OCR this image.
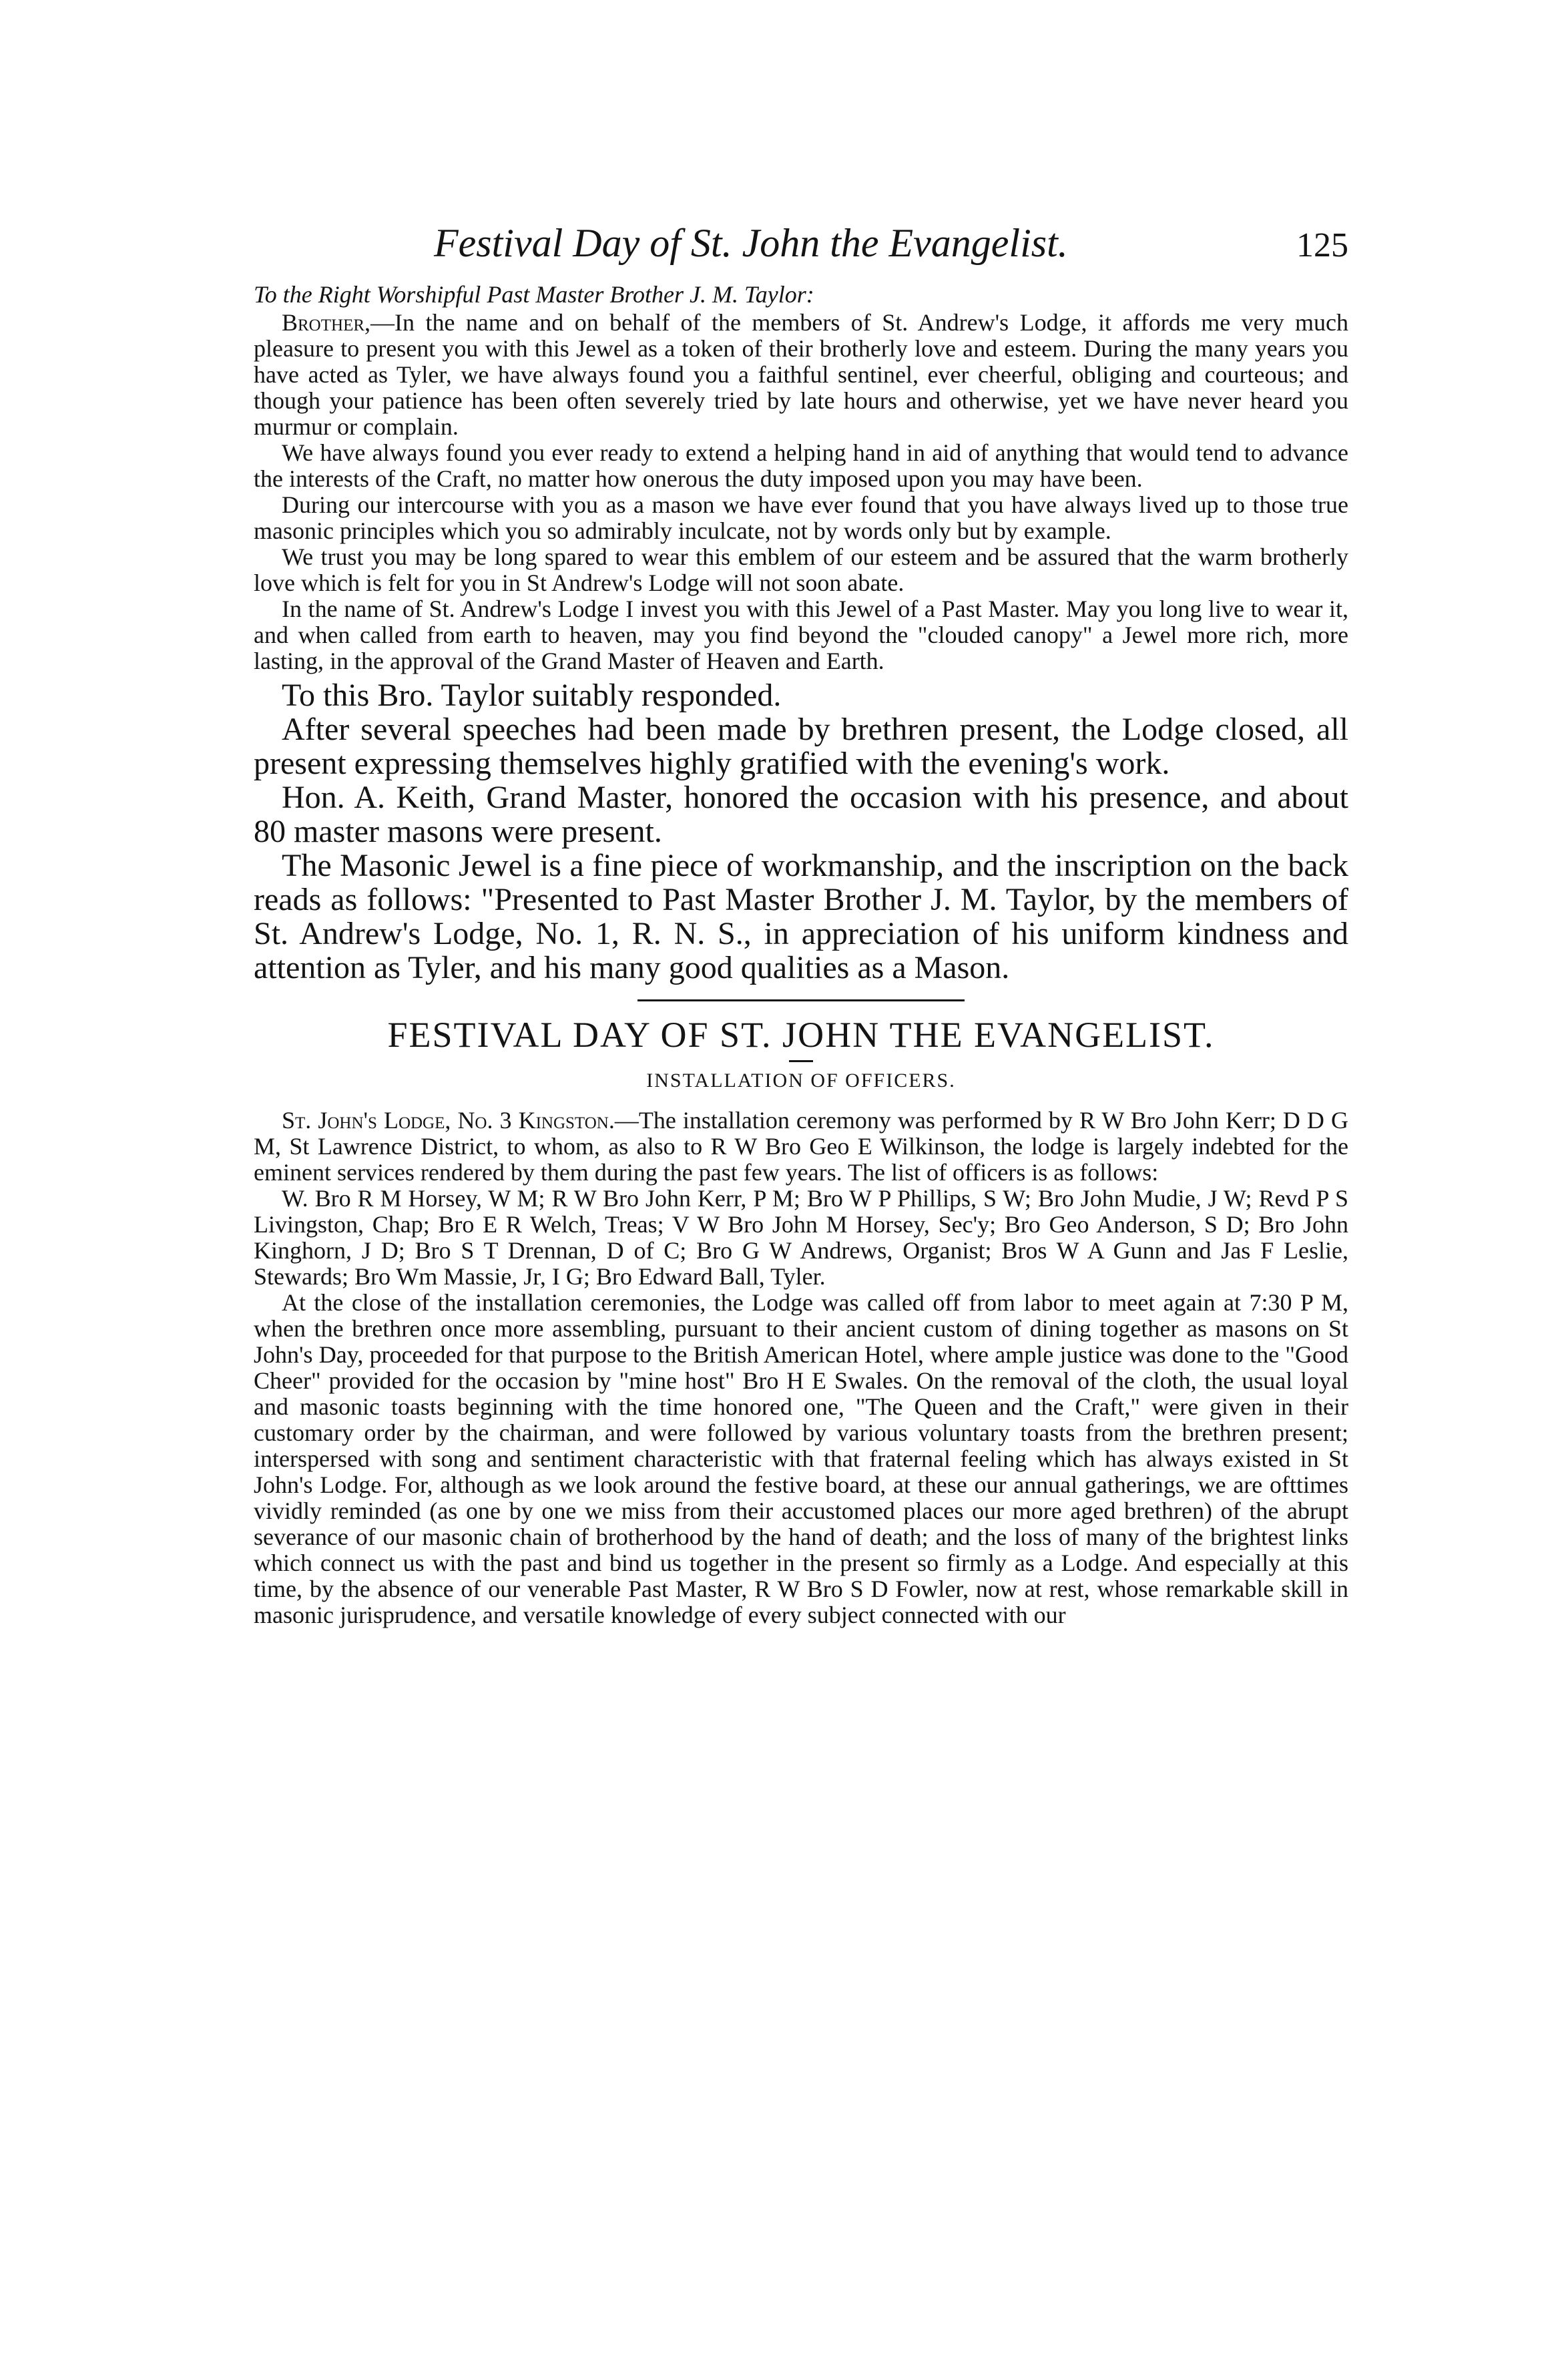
Festival Day of St. John the Evangelist.	125

To the Right Worshipful Past Master Brother J. M. Taylor:

Brother,—In the name and on behalf of the members of St. Andrew's Lodge, it affords me very much pleasure to present you with this Jewel as a token of their brotherly love and esteem. During the many years you have acted as Tyler, we have always found you a faithful sentinel, ever cheerful, obliging and courteous; and though your patience has been often severely tried by late hours and otherwise, yet we have never heard you murmur or complain.

We have always found you ever ready to extend a helping hand in aid of anything that would tend to advance the interests of the Craft, no matter how onerous the duty imposed upon you may have been.

During our intercourse with you as a mason we have ever found that you have always lived up to those true masonic principles which you so admirably inculcate, not by words only but by example.

We trust you may be long spared to wear this emblem of our esteem and be assured that the warm brotherly love which is felt for you in St Andrew's Lodge will not soon abate.

In the name of St. Andrew's Lodge I invest you with this Jewel of a Past Master. May you long live to wear it, and when called from earth to heaven, may you find beyond the "clouded canopy" a Jewel more rich, more lasting, in the approval of the Grand Master of Heaven and Earth.

To this Bro. Taylor suitably responded.

After several speeches had been made by brethren present, the Lodge closed, all present expressing themselves highly gratified with the evening's work.

Hon. A. Keith, Grand Master, honored the occasion with his presence, and about 80 master masons were present.

The Masonic Jewel is a fine piece of workmanship, and the inscription on the back reads as follows: "Presented to Past Master Brother J. M. Taylor, by the members of St. Andrew's Lodge, No. 1, R. N. S., in appreciation of his uniform kindness and attention as Tyler, and his many good qualities as a Mason.

FESTIVAL DAY OF ST. JOHN THE EVANGELIST.

INSTALLATION OF OFFICERS.

St. John's Lodge, No. 3 Kingston.—The installation ceremony was performed by R W Bro John Kerr; D D G M, St Lawrence District, to whom, as also to R W Bro Geo E Wilkinson, the lodge is largely indebted for the eminent services rendered by them during the past few years. The list of officers is as follows:

W. Bro R M Horsey, W M; R W Bro John Kerr, P M; Bro W P Phillips, S W; Bro John Mudie, J W; Revd P S Livingston, Chap; Bro E R Welch, Treas; V W Bro John M Horsey, Sec'y; Bro Geo Anderson, S D; Bro John Kinghorn, J D; Bro S T Drennan, D of C; Bro G W Andrews, Organist; Bros W A Gunn and Jas F Leslie, Stewards; Bro Wm Massie, Jr, I G; Bro Edward Ball, Tyler.

At the close of the installation ceremonies, the Lodge was called off from labor to meet again at 7:30 P M, when the brethren once more assembling, pursuant to their ancient custom of dining together as masons on St John's Day, proceeded for that purpose to the British American Hotel, where ample justice was done to the "Good Cheer" provided for the occasion by "mine host" Bro H E Swales. On the removal of the cloth, the usual loyal and masonic toasts beginning with the time honored one, "The Queen and the Craft," were given in their customary order by the chairman, and were followed by various voluntary toasts from the brethren present; interspersed with song and sentiment characteristic with that fraternal feeling which has always existed in St John's Lodge. For, although as we look around the festive board, at these our annual gatherings, we are ofttimes vividly reminded (as one by one we miss from their accustomed places our more aged brethren) of the abrupt severance of our masonic chain of brotherhood by the hand of death; and the loss of many of the brightest links which connect us with the past and bind us together in the present so firmly as a Lodge. And especially at this time, by the absence of our venerable Past Master, R W Bro S D Fowler, now at rest, whose remarkable skill in masonic jurisprudence, and versatile knowledge of every subject connected with our
